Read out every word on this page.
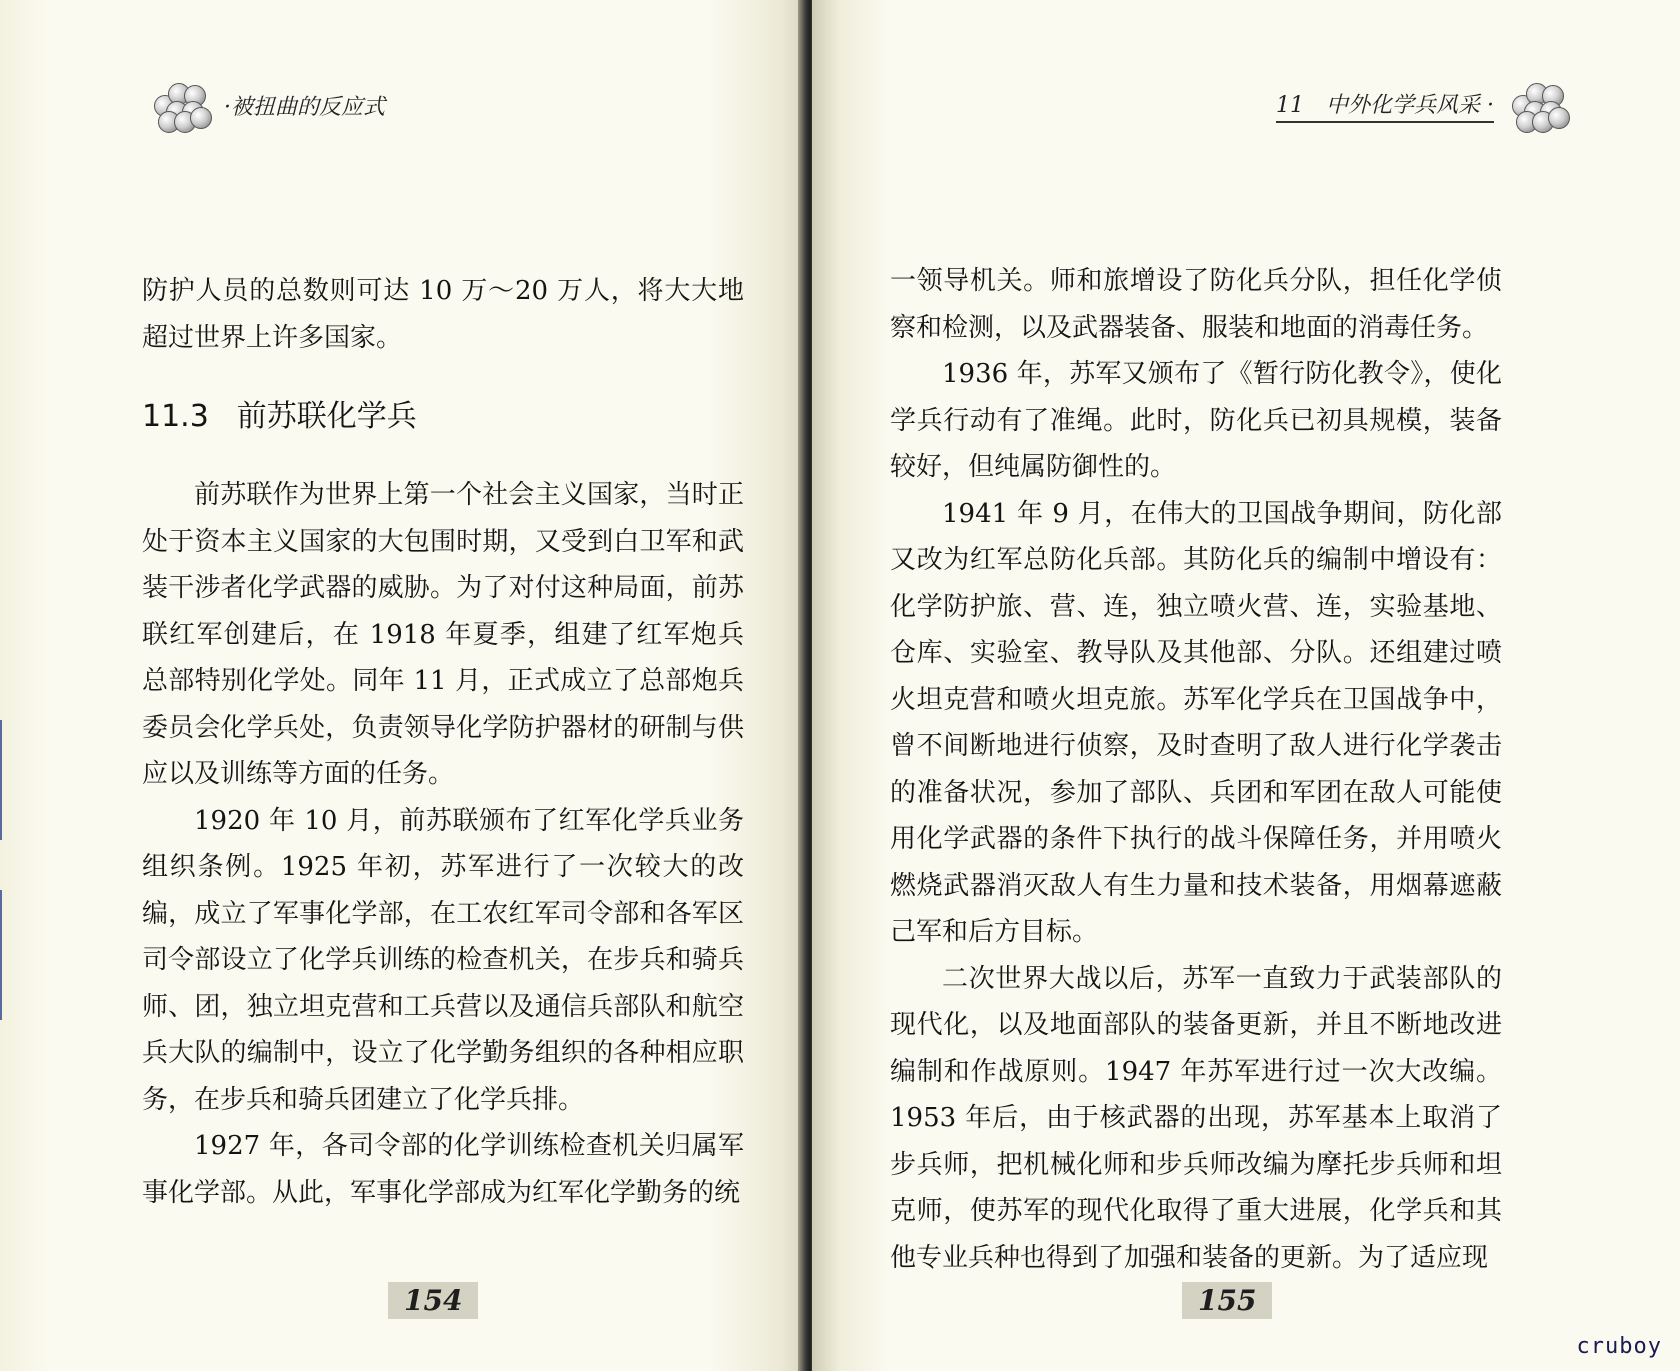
·被扭曲的反应式

防护人员的总数则可达 10 万～20 万人，将大大地超过世界上许多国家。

11.3 前苏联化学兵

前苏联作为世界上第一个社会主义国家，当时正处于资本主义国家的大包围时期，又受到白卫军和武装干涉者化学武器的威胁。为了对付这种局面，前苏联红军创建后，在 1918 年夏季，组建了红军炮兵总部特别化学处。同年 11 月，正式成立了总部炮兵委员会化学兵处，负责领导化学防护器材的研制与供应以及训练等方面的任务。

1920 年 10 月，前苏联颁布了红军化学兵业务组织条例。1925 年初，苏军进行了一次较大的改编，成立了军事化学部，在工农红军司令部和各军区司令部设立了化学兵训练的检查机关，在步兵和骑兵师、团，独立坦克营和工兵营以及通信兵部队和航空兵大队的编制中，设立了化学勤务组织的各种相应职务，在步兵和骑兵团建立了化学兵排。

1927 年，各司令部的化学训练检查机关归属军事化学部。从此，军事化学部成为红军化学勤务的统

154
11　中外化学兵风采 ·

一领导机关。师和旅增设了防化兵分队，担任化学侦察和检测，以及武器装备、服装和地面的消毒任务。

1936 年，苏军又颁布了《暂行防化教令》，使化学兵行动有了准绳。此时，防化兵已初具规模，装备较好，但纯属防御性的。

1941 年 9 月，在伟大的卫国战争期间，防化部又改为红军总防化兵部。其防化兵的编制中增设有：化学防护旅、营、连，独立喷火营、连，实验基地、仓库、实验室、教导队及其他部、分队。还组建过喷火坦克营和喷火坦克旅。苏军化学兵在卫国战争中，曾不间断地进行侦察，及时查明了敌人进行化学袭击的准备状况，参加了部队、兵团和军团在敌人可能使用化学武器的条件下执行的战斗保障任务，并用喷火燃烧武器消灭敌人有生力量和技术装备，用烟幕遮蔽己军和后方目标。

二次世界大战以后，苏军一直致力于武装部队的现代化，以及地面部队的装备更新，并且不断地改进编制和作战原则。1947 年苏军进行过一次大改编。1953 年后，由于核武器的出现，苏军基本上取消了步兵师，把机械化师和步兵师改编为摩托步兵师和坦克师，使苏军的现代化取得了重大进展，化学兵和其他专业兵种也得到了加强和装备的更新。为了适应现

155
cruboy
